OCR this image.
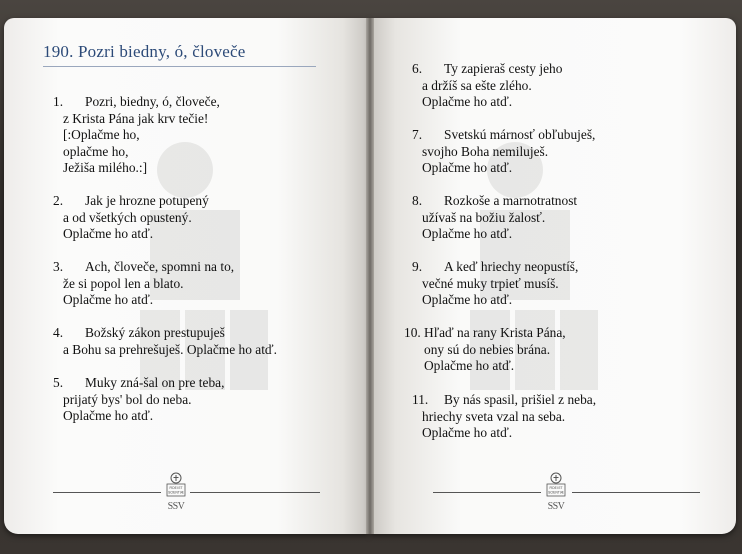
190. Pozri biedny, ó, človeče
1. Pozri, biedny, ó, človeče,
z Krista Pána jak krv tečie!
[:Oplačme ho,
oplačme ho,
Ježiša milého.:]
2. Jak je hrozne potupený
a od všetkých opustený.
Oplačme ho atď.
3. Ach, človeče, spomni na to,
že si popol len a blato.
Oplačme ho atď.
4. Božský zákon prestupuješ
a Bohu sa prehrešuješ. Oplačme ho atď.
5. Muky zná-šal on pre teba,
prijatý bys' bol do neba.
Oplačme ho atď.
6. Ty zapieraš cesty jeho
a držíš sa ešte zlého.
Oplačme ho atď.
7. Svetskú márnosť obľubuješ,
svojho Boha nemiluješ.
Oplačme ho atď.
8. Rozkoše a marnotratnost
užívaš na božiu žalosť.
Oplačme ho atď.
9. A keď hriechy neopustíš,
večné muky trpieť musíš.
Oplačme ho atď.
10. Hľaď na rany Krista Pána,
ony sú do nebies brána.
Oplačme ho atď.
11. By nás spasil, prišiel z neba,
hriechy sveta vzal na seba.
Oplačme ho atď.
FIDEI ET
SCIENTIÆ
SSV
FIDEI ET
SCIENTIÆ
SSV
